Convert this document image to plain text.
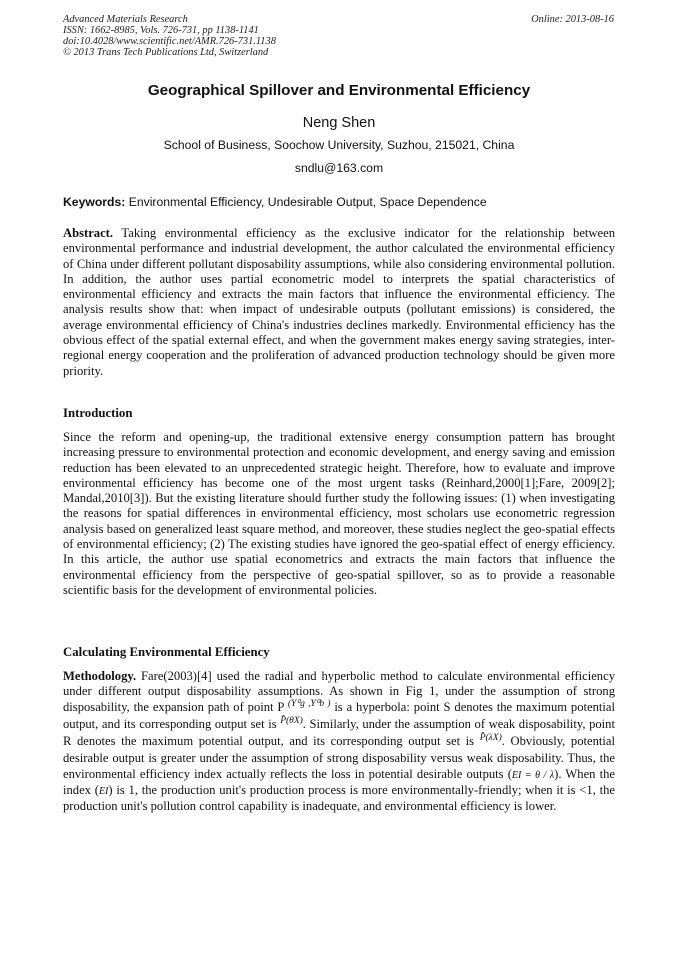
Advanced Materials Research
ISSN: 1662-8985, Vols. 726-731, pp 1138-1141
doi:10.4028/www.scientific.net/AMR.726-731.1138
© 2013 Trans Tech Publications Ltd, Switzerland
Online: 2013-08-16
Geographical Spillover and Environmental Efficiency
Neng Shen
School of Business, Soochow University, Suzhou, 215021, China
sndlu@163.com
Keywords: Environmental Efficiency, Undesirable Output, Space Dependence
Abstract. Taking environmental efficiency as the exclusive indicator for the relationship between environmental performance and industrial development, the author calculated the environmental efficiency of China under different pollutant disposability assumptions, while also considering environmental pollution. In addition, the author uses partial econometric model to interprets the spatial characteristics of environmental efficiency and extracts the main factors that influence the environmental efficiency. The analysis results show that: when impact of undesirable outputs (pollutant emissions) is considered, the average environmental efficiency of China's industries declines markedly. Environmental efficiency has the obvious effect of the spatial external effect, and when the government makes energy saving strategies, inter-regional energy cooperation and the proliferation of advanced production technology should be given more priority.
Introduction
Since the reform and opening-up, the traditional extensive energy consumption pattern has brought increasing pressure to environmental protection and economic development, and energy saving and emission reduction has been elevated to an unprecedented strategic height. Therefore, how to evaluate and improve environmental efficiency has become one of the most urgent tasks (Reinhard,2000[1];Fare, 2009[2]; Mandal,2010[3]). But the existing literature should further study the following issues: (1) when investigating the reasons for spatial differences in environmental efficiency, most scholars use econometric regression analysis based on generalized least square method, and moreover, these studies neglect the geo-spatial effects of environmental efficiency; (2) The existing studies have ignored the geo-spatial effect of energy efficiency. In this article, the author use spatial econometrics and extracts the main factors that influence the environmental efficiency from the perspective of geo-spatial spillover, so as to provide a reasonable scientific basis for the development of environmental policies.
Calculating Environmental Efficiency
Methodology. Fare(2003)[4] used the radial and hyperbolic method to calculate environmental efficiency under different output disposability assumptions. As shown in Fig 1, under the assumption of strong disposability, the expansion path of point P $^{(Y^0g ,Y^0b )}$ is a hyperbola: point S denotes the maximum potential output, and its corresponding output set is $^{P̂(\theta X)}$. Similarly, under the assumption of weak disposability, point R denotes the maximum potential output, and its corresponding output set is $^{P̂(\lambda X)}$. Obviously, potential desirable output is greater under the assumption of strong disposability versus weak disposability. Thus, the environmental efficiency index actually reflects the loss in potential desirable outputs (EI = θ / λ). When the index (EI) is 1, the production unit's production process is more environmentally-friendly; when it is <1, the production unit's pollution control capability is inadequate, and environmental efficiency is lower.
